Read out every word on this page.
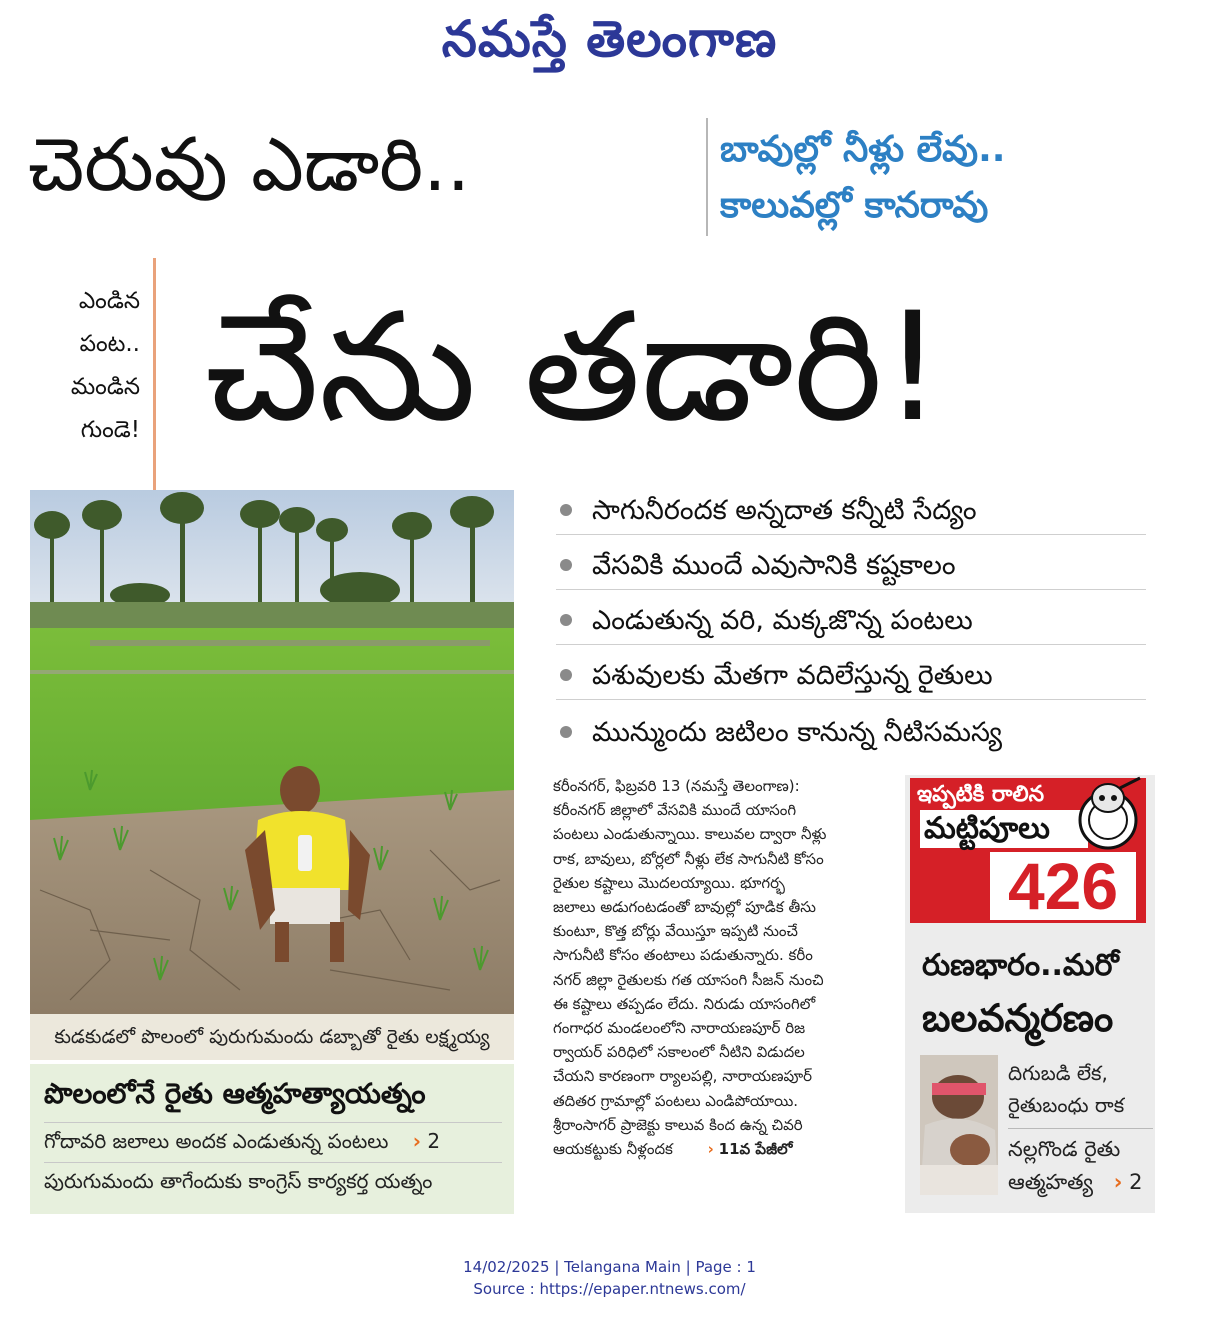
నమస్తే తెలంగాణ
చెరువు ఎడారి..	బావుల్లో నీళ్లు లేవు..
కాలువల్లో కానరావు
ఎండిన
పంట..
మండిన
గుండె! చేను తడారి!
కుడకుడలో పొలంలో పురుగుమందు డబ్బాతో రైతు లక్ష్మయ్య
పొలంలోనే రైతు ఆత్మహత్యాయత్నం
గోదావరి జలాలు అందక ఎండుతున్న పంటలు › 2
పురుగుమందు తాగేందుకు కాంగ్రెస్ కార్యకర్త యత్నం
సాగునీరందక అన్నదాత కన్నీటి సేద్యం
వేసవికి ముందే ఎవుసానికి కష్టకాలం
ఎండుతున్న వరి, మక్కజొన్న పంటలు
పశువులకు మేతగా వదిలేస్తున్న రైతులు
మున్ముందు జటిలం కానున్న నీటిసమస్య
కరీంనగర్, ఫిబ్రవరి 13 (నమస్తే తెలంగాణ):
కరీంనగర్ జిల్లాలో వేసవికి ముందే యాసంగి
పంటలు ఎండుతున్నాయి. కాలువల ద్వారా నీళ్లు
రాక, బావులు, బోర్లలో నీళ్లు లేక సాగునీటి కోసం
రైతుల కష్టాలు మొదలయ్యాయి. భూగర్భ
జలాలు అడుగంటడంతో బావుల్లో పూడిక తీసు
కుంటూ, కొత్త బోర్లు వేయిస్తూ ఇప్పటి నుంచే
సాగునీటి కోసం తంటాలు పడుతున్నారు. కరీం
నగర్ జిల్లా రైతులకు గత యాసంగి సీజన్ నుంచి
ఈ కష్టాలు తప్పడం లేదు. నిరుడు యాసంగిలో
గంగాధర మండలంలోని నారాయణపూర్ రిజ
ర్వాయర్ పరిధిలో సకాలంలో నీటిని విడుదల
చేయని కారణంగా ర్యాలపల్లి, నారాయణపూర్
తదితర గ్రామాల్లో పంటలు ఎండిపోయాయి.
శ్రీరాంసాగర్ ప్రాజెక్టు కాలువ కింద ఉన్న చివరి
ఆయకట్టుకు నీళ్లందక › 11వ పేజీలో
ఇప్పటికి రాలిన
మట్టిపూలు
426
రుణభారం..మరో
బలవన్మరణం
దిగుబడి లేక,
రైతుబంధు రాక
నల్లగొండ రైతు
ఆత్మహత్య › 2
14/02/2025 | Telangana Main | Page : 1
Source : https://epaper.ntnews.com/
